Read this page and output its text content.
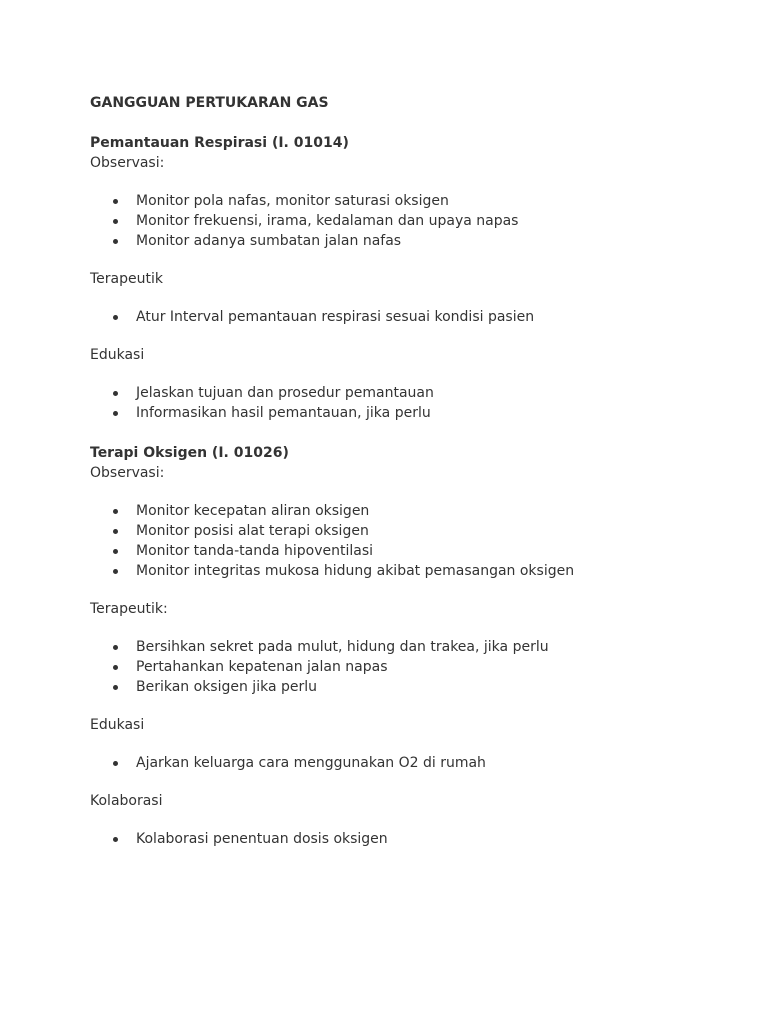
GANGGUAN PERTUKARAN GAS

Pemantauan Respirasi (I. 01014)

Observasi:

Monitor pola nafas, monitor saturasi oksigen
Monitor frekuensi, irama, kedalaman dan upaya napas
Monitor adanya sumbatan jalan nafas

Terapeutik

Atur Interval pemantauan respirasi sesuai kondisi pasien

Edukasi

Jelaskan tujuan dan prosedur pemantauan
Informasikan hasil pemantauan, jika perlu

Terapi Oksigen (I. 01026)

Observasi:

Monitor kecepatan aliran oksigen
Monitor posisi alat terapi oksigen
Monitor tanda-tanda hipoventilasi
Monitor integritas mukosa hidung akibat pemasangan oksigen

Terapeutik:

Bersihkan sekret pada mulut, hidung dan trakea, jika perlu
Pertahankan kepatenan jalan napas
Berikan oksigen jika perlu

Edukasi

Ajarkan keluarga cara menggunakan O2 di rumah

Kolaborasi

Kolaborasi penentuan dosis oksigen
